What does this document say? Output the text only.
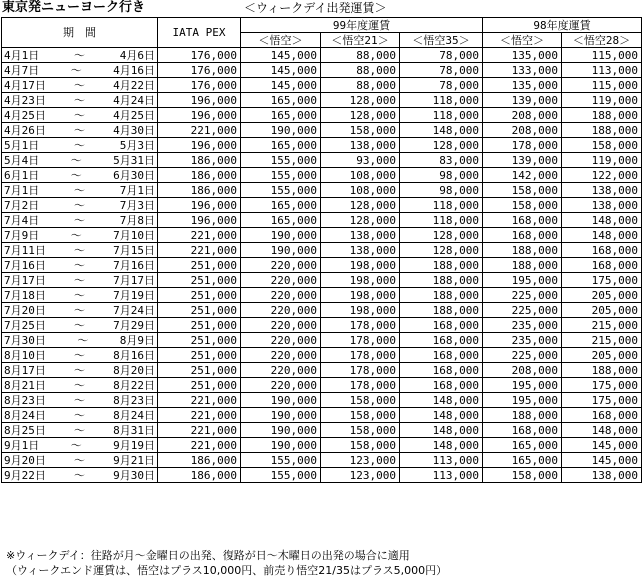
東京発ニューヨーク行き	＜ウィークデイ出発運賃＞
期　間	IATA PEX	99年度運賃			98年度運賃	
		＜悟空＞	＜悟空21＞	＜悟空35＞	＜悟空＞	＜悟空28＞

4月1日 ～ 4月6日	176,000	145,000	88,000	78,000	135,000	115,000

4月7日 ～ 4月16日	176,000	145,000	88,000	78,000	133,000	113,000

4月17日 ～ 4月22日	176,000	145,000	88,000	78,000	135,000	115,000

4月23日 ～ 4月24日	196,000	165,000	128,000	118,000	139,000	119,000

4月25日 ～ 4月25日	196,000	165,000	128,000	118,000	208,000	188,000

4月26日 ～ 4月30日	221,000	190,000	158,000	148,000	208,000	188,000

5月1日 ～ 5月3日	196,000	165,000	138,000	128,000	178,000	158,000

5月4日 ～ 5月31日	186,000	155,000	93,000	83,000	139,000	119,000

6月1日 ～ 6月30日	186,000	155,000	108,000	98,000	142,000	122,000

7月1日 ～ 7月1日	186,000	155,000	108,000	98,000	158,000	138,000

7月2日 ～ 7月3日	196,000	165,000	128,000	118,000	158,000	138,000

7月4日 ～ 7月8日	196,000	165,000	128,000	118,000	168,000	148,000

7月9日 ～ 7月10日	221,000	190,000	138,000	128,000	168,000	148,000

7月11日 ～ 7月15日	221,000	190,000	138,000	128,000	188,000	168,000

7月16日 ～ 7月16日	251,000	220,000	198,000	188,000	188,000	168,000

7月17日 ～ 7月17日	251,000	220,000	198,000	188,000	195,000	175,000

7月18日 ～ 7月19日	251,000	220,000	198,000	188,000	225,000	205,000

7月20日 ～ 7月24日	251,000	220,000	198,000	188,000	225,000	205,000

7月25日 ～ 7月29日	251,000	220,000	178,000	168,000	235,000	215,000

7月30日 ～ 8月9日	251,000	220,000	178,000	168,000	235,000	215,000

8月10日 ～ 8月16日	251,000	220,000	178,000	168,000	225,000	205,000

8月17日 ～ 8月20日	251,000	220,000	178,000	168,000	208,000	188,000

8月21日 ～ 8月22日	251,000	220,000	178,000	168,000	195,000	175,000

8月23日 ～ 8月23日	221,000	190,000	158,000	148,000	195,000	175,000

8月24日 ～ 8月24日	221,000	190,000	158,000	148,000	188,000	168,000

8月25日 ～ 8月31日	221,000	190,000	158,000	148,000	168,000	148,000

9月1日 ～ 9月19日	221,000	190,000	158,000	148,000	165,000	145,000

9月20日 ～ 9月21日	186,000	155,000	123,000	113,000	165,000	145,000

9月22日 ～ 9月30日	186,000	155,000	123,000	113,000	158,000	138,000
※ウィークデイ：往路が月～金曜日の出発、復路が日～木曜日の出発の場合に適用
（ウィークエンド運賃は、悟空はプラス10,000円、前売り悟空21/35はプラス5,000円）
